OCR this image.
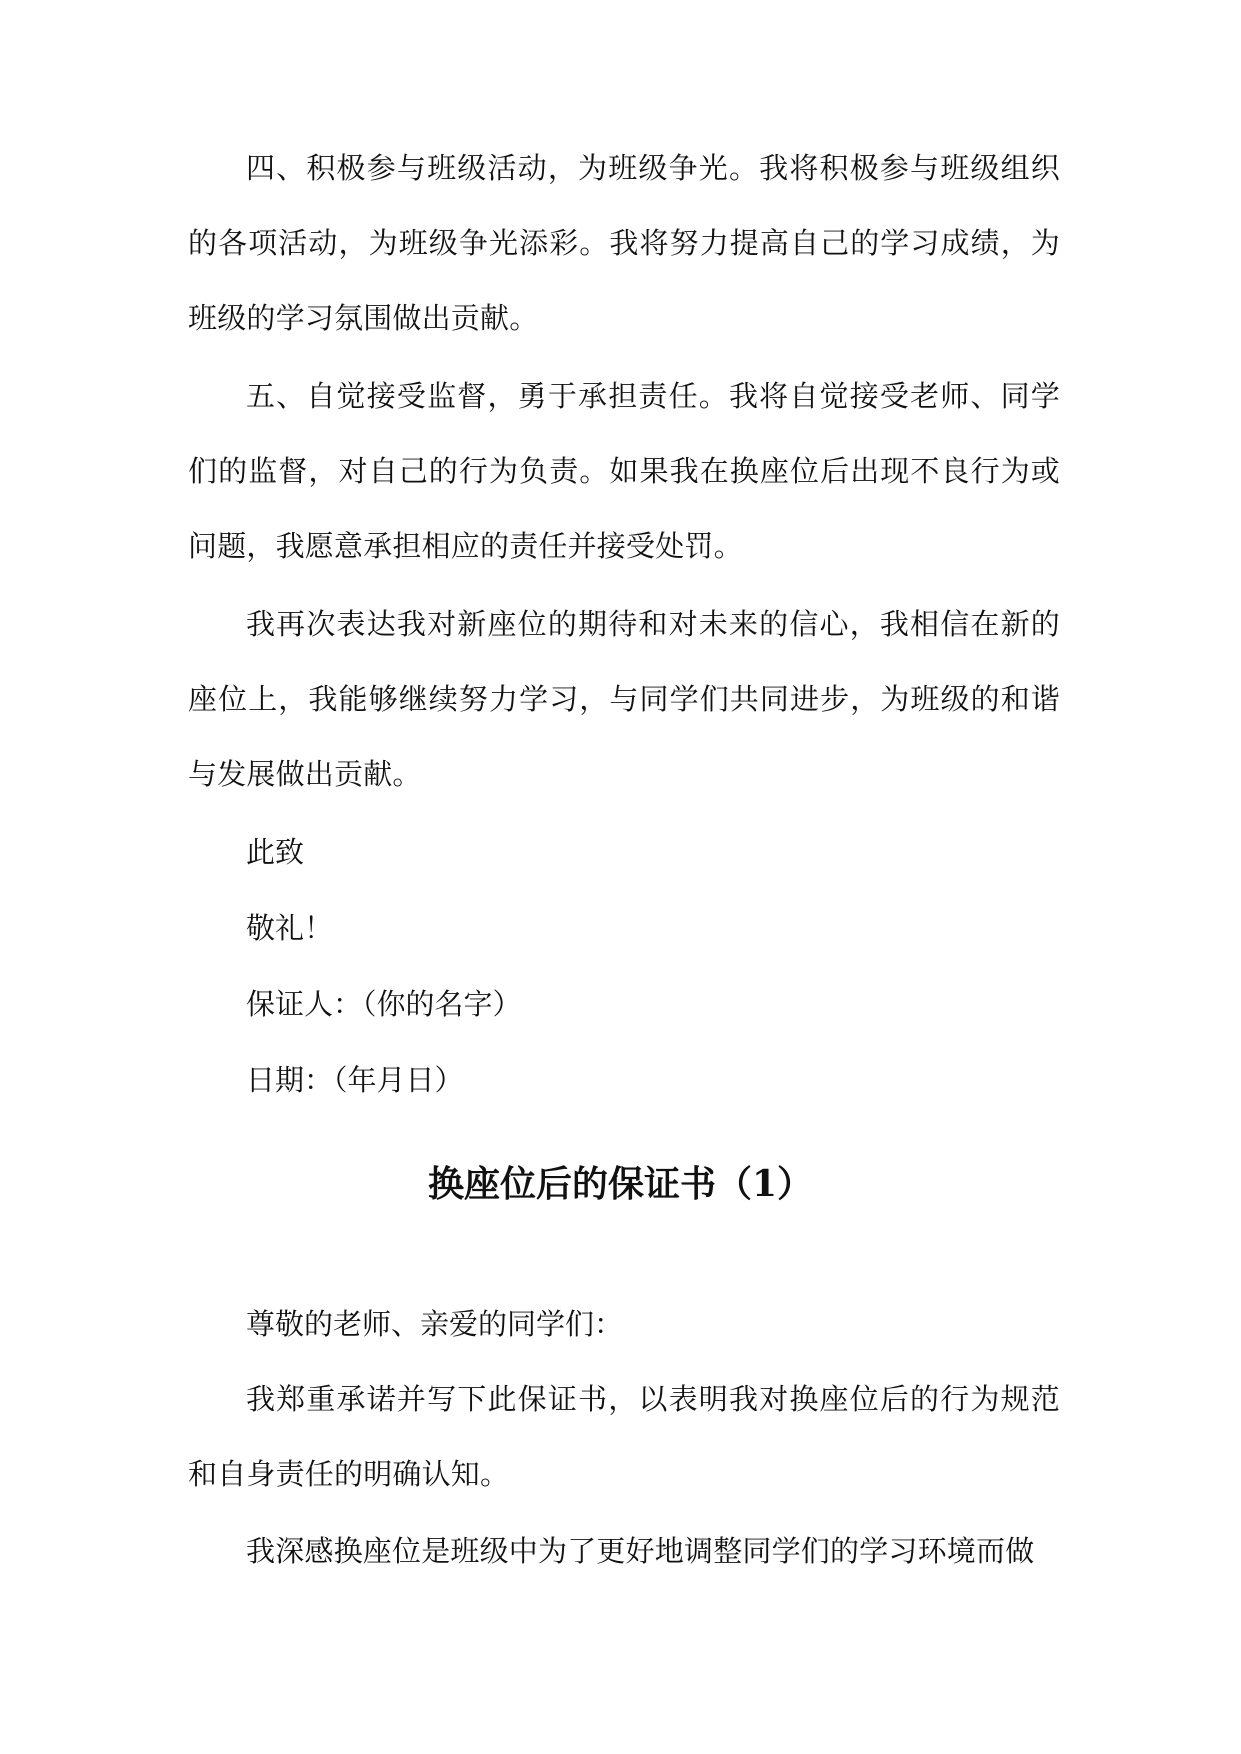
四、积极参与班级活动，为班级争光。我将积极参与班级组织的各项活动，为班级争光添彩。我将努力提高自己的学习成绩，为班级的学习氛围做出贡献。

五、自觉接受监督，勇于承担责任。我将自觉接受老师、同学们的监督，对自己的行为负责。如果我在换座位后出现不良行为或问题，我愿意承担相应的责任并接受处罚。

我再次表达我对新座位的期待和对未来的信心，我相信在新的座位上，我能够继续努力学习，与同学们共同进步，为班级的和谐与发展做出贡献。

此致

敬礼！

保证人：（你的名字）

日期：（年月日）

换座位后的保证书（1）

尊敬的老师、亲爱的同学们：

我郑重承诺并写下此保证书，以表明我对换座位后的行为规范和自身责任的明确认知。

我深感换座位是班级中为了更好地调整同学们的学习环境而做
